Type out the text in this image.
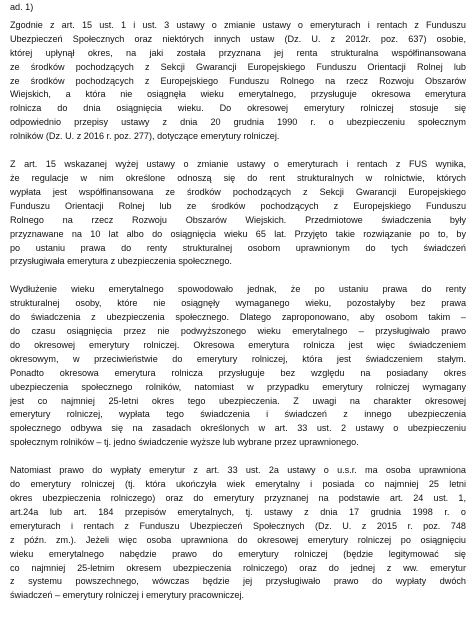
ad. 1)
Zgodnie z art. 15 ust. 1 i ust. 3 ustawy o zmianie ustawy o emeryturach i rentach z Funduszu
Ubezpieczeń Społecznych oraz niektórych innych ustaw (Dz. U. z 2012r. poz. 637) osobie,
której upłynął okres, na jaki została przyznana jej renta strukturalna współfinansowana
ze środków pochodzących z Sekcji Gwarancji Europejskiego Funduszu Orientacji Rolnej lub
ze środków pochodzących z Europejskiego Funduszu Rolnego na rzecz Rozwoju Obszarów
Wiejskich, a która nie osiągnęła wieku emerytalnego, przysługuje okresowa emerytura
rolnicza do dnia osiągnięcia wieku. Do okresowej emerytury rolniczej stosuje się
odpowiednio przepisy ustawy z dnia 20 grudnia 1990 r. o ubezpieczeniu społecznym
rolników (Dz. U. z 2016 r. poz. 277), dotyczące emerytury rolniczej.
Z art. 15 wskazanej wyżej ustawy o zmianie ustawy o emeryturach i rentach z FUS wynika,
że regulacje w nim określone odnoszą się do rent strukturalnych w rolnictwie, których
wypłata jest współfinansowana ze środków pochodzących z Sekcji Gwarancji Europejskiego
Funduszu Orientacji Rolnej lub ze środków pochodzących z Europejskiego Funduszu
Rolnego na rzecz Rozwoju Obszarów Wiejskich. Przedmiotowe świadczenia były
przyznawane na 10 lat albo do osiągnięcia wieku 65 lat. Przyjęto takie rozwiązanie po to, by
po ustaniu prawa do renty strukturalnej osobom uprawnionym do tych świadczeń
przysługiwała emerytura z ubezpieczenia społecznego.
Wydłużenie wieku emerytalnego spowodowało jednak, że po ustaniu prawa do renty
strukturalnej osoby, które nie osiągnęły wymaganego wieku, pozostałyby bez prawa
do świadczenia z ubezpieczenia społecznego. Dlatego zaproponowano, aby osobom takim –
do czasu osiągnięcia przez nie podwyższonego wieku emerytalnego – przysługiwało prawo
do okresowej emerytury rolniczej. Okresowa emerytura rolnicza jest więc świadczeniem
okresowym, w przeciwieństwie do emerytury rolniczej, która jest świadczeniem stałym.
Ponadto okresowa emerytura rolnicza przysługuje bez względu na posiadany okres
ubezpieczenia społecznego rolników, natomiast w przypadku emerytury rolniczej wymagany
jest co najmniej 25-letni okres tego ubezpieczenia. Z uwagi na charakter okresowej
emerytury rolniczej, wypłata tego świadczenia i świadczeń z innego ubezpieczenia
społecznego odbywa się na zasadach określonych w art. 33 ust. 2 ustawy o ubezpieczeniu
społecznym rolników – tj. jedno świadczenie wyższe lub wybrane przez uprawnionego.
Natomiast prawo do wypłaty emerytur z art. 33 ust. 2a ustawy o u.s.r. ma osoba uprawniona
do emerytury rolniczej (tj. która ukończyła wiek emerytalny i posiada co najmniej 25 letni
okres ubezpieczenia rolniczego) oraz do emerytury przyznanej na podstawie art. 24 ust. 1,
art.24a lub art. 184 przepisów emerytalnych, tj. ustawy z dnia 17 grudnia 1998 r. o
emeryturach i rentach z Funduszu Ubezpieczeń Społecznych (Dz. U. z 2015 r. poz. 748
z późn. zm.). Jeżeli więc osoba uprawniona do okresowej emerytury rolniczej po osiągnięciu
wieku emerytalnego nabędzie prawo do emerytury rolniczej (będzie legitymować się
co najmniej 25-letnim okresem ubezpieczenia rolniczego) oraz do jednej z ww. emerytur
z systemu powszechnego, wówczas będzie jej przysługiwało prawo do wypłaty dwóch
świadczeń – emerytury rolniczej i emerytury pracowniczej.
